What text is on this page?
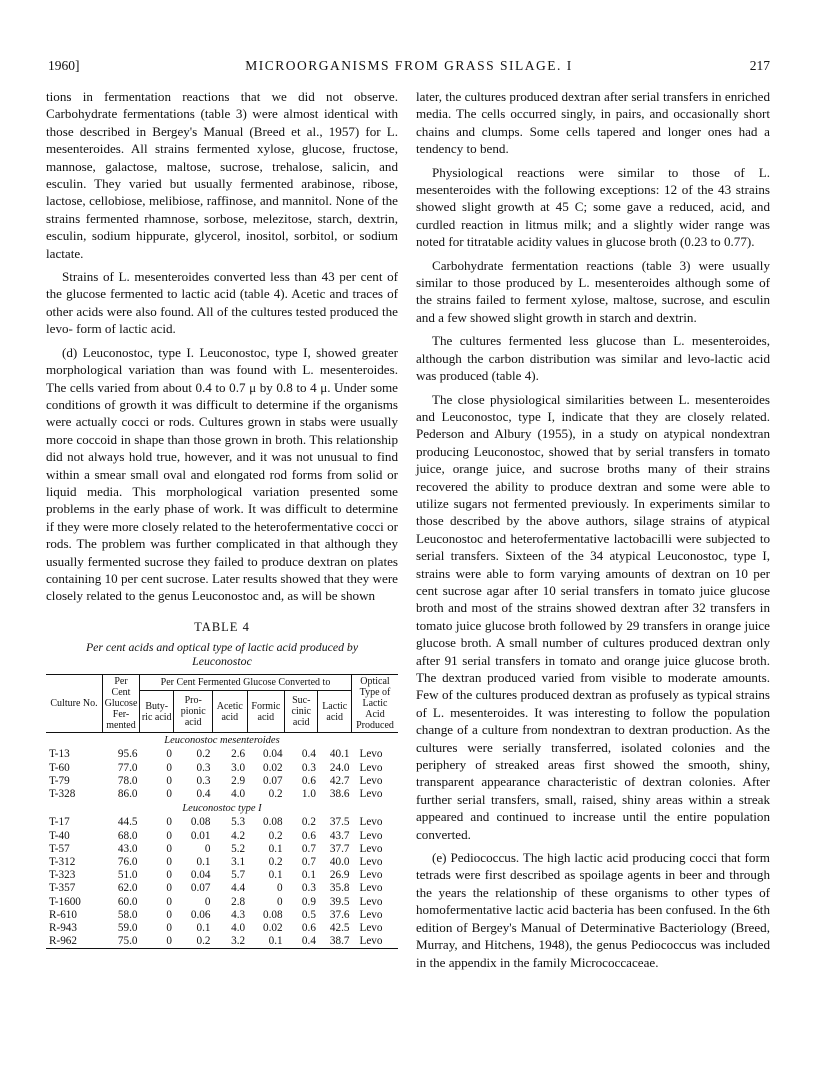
1960]	MICROORGANISMS FROM GRASS SILAGE. I	217

tions in fermentation reactions that we did not observe. Carbohydrate fermentations (table 3) were almost identical with those described in Bergey's Manual (Breed et al., 1957) for L. mesenteroides. All strains fermented xylose, glucose, fructose, mannose, galactose, maltose, sucrose, trehalose, salicin, and esculin. They varied but usually fermented arabinose, ribose, lactose, cellobiose, melibiose, raffinose, and mannitol. None of the strains fermented rhamnose, sorbose, melezitose, starch, dextrin, esculin, sodium hippurate, glycerol, inositol, sorbitol, or sodium lactate.

Strains of L. mesenteroides converted less than 43 per cent of the glucose fermented to lactic acid (table 4). Acetic and traces of other acids were also found. All of the cultures tested produced the levo- form of lactic acid.

(d) Leuconostoc, type I. Leuconostoc, type I, showed greater morphological variation than was found with L. mesenteroides. The cells varied from about 0.4 to 0.7 μ by 0.8 to 4 μ. Under some conditions of growth it was difficult to determine if the organisms were actually cocci or rods. Cultures grown in stabs were usually more coccoid in shape than those grown in broth. This relationship did not always hold true, however, and it was not unusual to find within a smear small oval and elongated rod forms from solid or liquid media. This morphological variation presented some problems in the early phase of work. It was difficult to determine if they were more closely related to the heterofermentative cocci or rods. The problem was further complicated in that although they usually fermented sucrose they failed to produce dextran on plates containing 10 per cent sucrose. Later results showed that they were closely related to the genus Leuconostoc and, as will be shown

TABLE 4
Per cent acids and optical type of lactic acid produced by Leuconostoc
Culture No.	Per Cent Glucose Fer-mented	Per Cent Fermented Glucose Converted to						Optical Type of Lactic Acid Produced
		Buty-ric acid	Pro-pionic acid	Acetic acid	Formic acid	Suc-cinic acid	Lactic acid	
Leuconostoc mesenteroides								
T-13	95.6	0	0.2	2.6	0.04	0.4	40.1	Levo
T-60	77.0	0	0.3	3.0	0.02	0.3	24.0	Levo
T-79	78.0	0	0.3	2.9	0.07	0.6	42.7	Levo
T-328	86.0	0	0.4	4.0	0.2	1.0	38.6	Levo
Leuconostoc type I								
T-17	44.5	0	0.08	5.3	0.08	0.2	37.5	Levo
T-40	68.0	0	0.01	4.2	0.2	0.6	43.7	Levo
T-57	43.0	0	0	5.2	0.1	0.7	37.7	Levo
T-312	76.0	0	0.1	3.1	0.2	0.7	40.0	Levo
T-323	51.0	0	0.04	5.7	0.1	0.1	26.9	Levo
T-357	62.0	0	0.07	4.4	0	0.3	35.8	Levo
T-1600	60.0	0	0	2.8	0	0.9	39.5	Levo
R-610	58.0	0	0.06	4.3	0.08	0.5	37.6	Levo
R-943	59.0	0	0.1	4.0	0.02	0.6	42.5	Levo
R-962	75.0	0	0.2	3.2	0.1	0.4	38.7	Levo

later, the cultures produced dextran after serial transfers in enriched media. The cells occurred singly, in pairs, and occasionally short chains and clumps. Some cells tapered and longer ones had a tendency to bend.

Physiological reactions were similar to those of L. mesenteroides with the following exceptions: 12 of the 43 strains showed slight growth at 45 C; some gave a reduced, acid, and curdled reaction in litmus milk; and a slightly wider range was noted for titratable acidity values in glucose broth (0.23 to 0.77).

Carbohydrate fermentation reactions (table 3) were usually similar to those produced by L. mesenteroides although some of the strains failed to ferment xylose, maltose, sucrose, and esculin and a few showed slight growth in starch and dextrin.

The cultures fermented less glucose than L. mesenteroides, although the carbon distribution was similar and levo-lactic acid was produced (table 4).

The close physiological similarities between L. mesenteroides and Leuconostoc, type I, indicate that they are closely related. Pederson and Albury (1955), in a study on atypical nondextran producing Leuconostoc, showed that by serial transfers in tomato juice, orange juice, and sucrose broths many of their strains recovered the ability to produce dextran and some were able to utilize sugars not fermented previously. In experiments similar to those described by the above authors, silage strains of atypical Leuconostoc and heterofermentative lactobacilli were subjected to serial transfers. Sixteen of the 34 atypical Leuconostoc, type I, strains were able to form varying amounts of dextran on 10 per cent sucrose agar after 10 serial transfers in tomato juice glucose broth and most of the strains showed dextran after 32 transfers in tomato juice glucose broth followed by 29 transfers in orange juice glucose broth. A small number of cultures produced dextran only after 91 serial transfers in tomato and orange juice glucose broth. The dextran produced varied from visible to moderate amounts. Few of the cultures produced dextran as profusely as typical strains of L. mesenteroides. It was interesting to follow the population change of a culture from nondextran to dextran production. As the cultures were serially transferred, isolated colonies and the periphery of streaked areas first showed the smooth, shiny, transparent appearance characteristic of dextran colonies. After further serial transfers, small, raised, shiny areas within a streak appeared and continued to increase until the entire population converted.

(e) Pediococcus. The high lactic acid producing cocci that form tetrads were first described as spoilage agents in beer and through the years the relationship of these organisms to other types of homofermentative lactic acid bacteria has been confused. In the 6th edition of Bergey's Manual of Determinative Bacteriology (Breed, Murray, and Hitchens, 1948), the genus Pediococcus was included in the appendix in the family Micrococcaceae.
